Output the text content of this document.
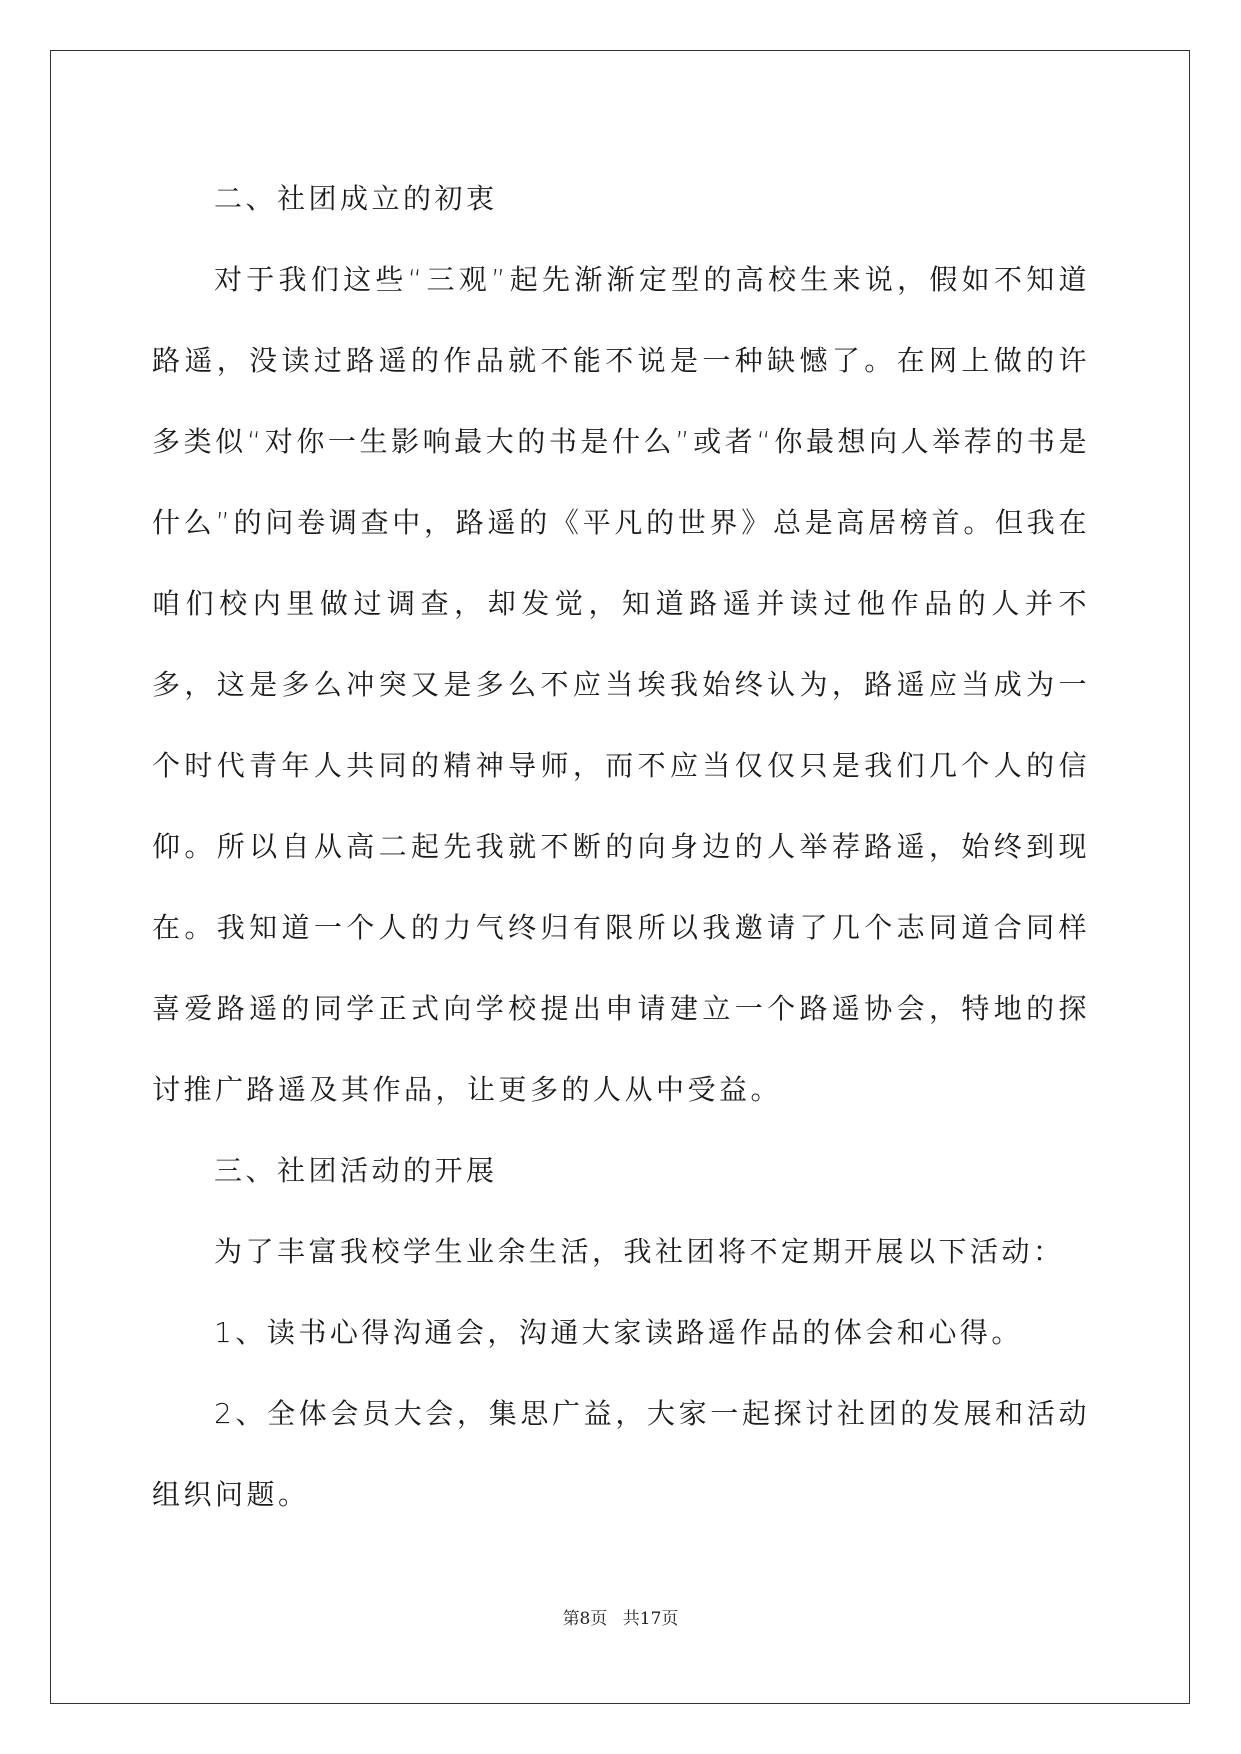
二、社团成立的初衷

对于我们这些“三观”起先渐渐定型的高校生来说，假如不知道路遥，没读过路遥的作品就不能不说是一种缺憾了。在网上做的许多类似“对你一生影响最大的书是什么”或者“你最想向人举荐的书是什么”的问卷调查中，路遥的《平凡的世界》总是高居榜首。但我在咱们校内里做过调查，却发觉，知道路遥并读过他作品的人并不多，这是多么冲突又是多么不应当埃我始终认为，路遥应当成为一个时代青年人共同的精神导师，而不应当仅仅只是我们几个人的信仰。所以自从高二起先我就不断的向身边的人举荐路遥，始终到现在。我知道一个人的力气终归有限所以我邀请了几个志同道合同样喜爱路遥的同学正式向学校提出申请建立一个路遥协会，特地的探讨推广路遥及其作品，让更多的人从中受益。

三、社团活动的开展

为了丰富我校学生业余生活，我社团将不定期开展以下活动：

1、读书心得沟通会，沟通大家读路遥作品的体会和心得。

2、全体会员大会，集思广益，大家一起探讨社团的发展和活动组织问题。

第8页 共17页
